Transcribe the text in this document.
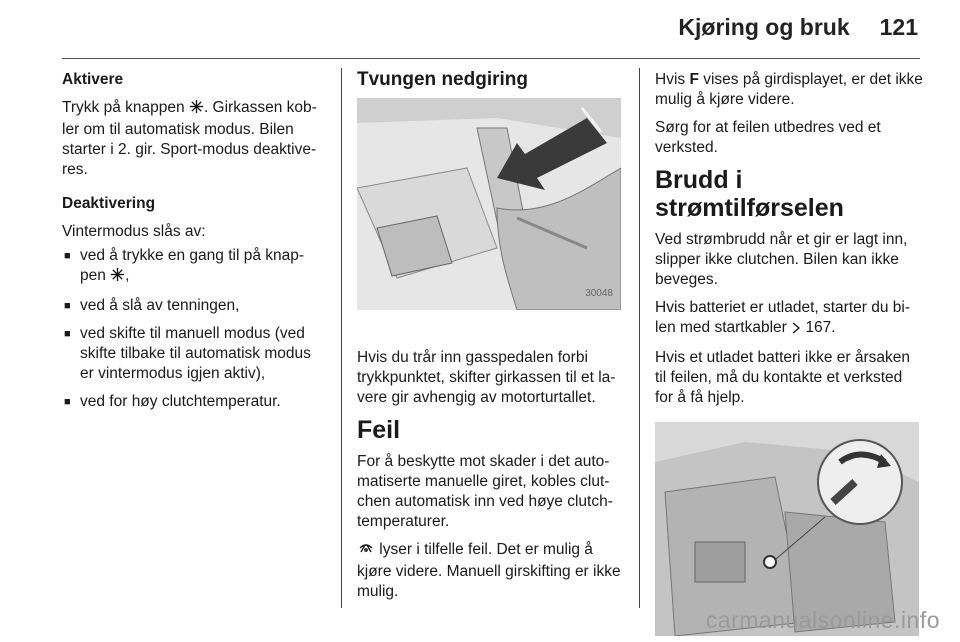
Kjøring og bruk 121

Aktivere

Trykk på knappen . Girkassen kob-ler om til automatisk modus. Bilen starter i 2. gir. Sport-modus deaktive-res.

Deaktivering

Vintermodus slås av:

■ ved å trykke en gang til på knap-pen ,
■ ved å slå av tenningen,
■ ved skifte til manuell modus (ved skifte tilbake til automatisk modus er vintermodus igjen aktiv),
■ ved for høy clutchtemperatur.

Tvungen nedgiring

30048

Hvis du trår inn gasspedalen forbi trykkpunktet, skifter girkassen til et la-vere gir avhengig av motorturtallet.

Feil

For å beskytte mot skader i det auto-matiserte manuelle giret, kobles clut-chen automatisk inn ved høye clutch-temperaturer.

lyser i tilfelle feil. Det er mulig å kjøre videre. Manuell girskifting er ikke mulig.

Hvis F vises på girdisplayet, er det ikke mulig å kjøre videre.

Sørg for at feilen utbedres ved et verksted.

Brudd i strømtilførselen

Ved strømbrudd når et gir er lagt inn, slipper ikke clutchen. Bilen kan ikke beveges.

Hvis batteriet er utladet, starter du bi-len med startkabler  167.

Hvis et utladet batteri ikke er årsaken til feilen, må du kontakte et verksted for å få hjelp.

carmanualsonline.info
